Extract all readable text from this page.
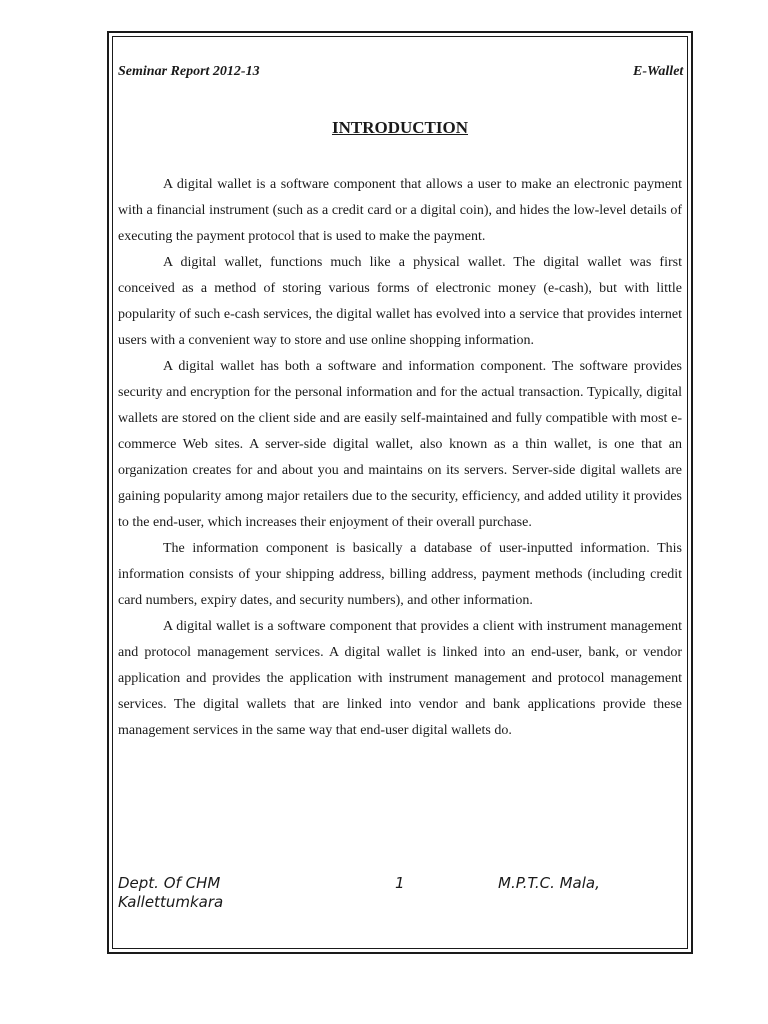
Seminar Report 2012-13	E-Wallet
INTRODUCTION

A digital wallet is a software component that allows a user to make an electronic payment with a financial instrument (such as a credit card or a digital coin), and hides the low-level details of executing the payment protocol that is used to make the payment.

A digital wallet, functions much like a physical wallet. The digital wallet was first conceived as a method of storing various forms of electronic money (e-cash), but with little popularity of such e-cash services, the digital wallet has evolved into a service that provides internet users with a convenient way to store and use online shopping information.

A digital wallet has both a software and information component. The software provides security and encryption for the personal information and for the actual transaction. Typically, digital wallets are stored on the client side and are easily self-maintained and fully compatible with most e-commerce Web sites. A server-side digital wallet, also known as a thin wallet, is one that an organization creates for and about you and maintains on its servers. Server-side digital wallets are gaining popularity among major retailers due to the security, efficiency, and added utility it provides to the end-user, which increases their enjoyment of their overall purchase.

The information component is basically a database of user-inputted information. This information consists of your shipping address, billing address, payment methods (including credit card numbers, expiry dates, and security numbers), and other information.

A digital wallet is a software component that provides a client with instrument management and protocol management services. A digital wallet is linked into an end-user, bank, or vendor application and provides the application with instrument management and protocol management services. The digital wallets that are linked into vendor and bank applications provide these management services in the same way that end-user digital wallets do.

Dept. Of CHM	1	M.P.T.C. Mala,
Kallettumkara
